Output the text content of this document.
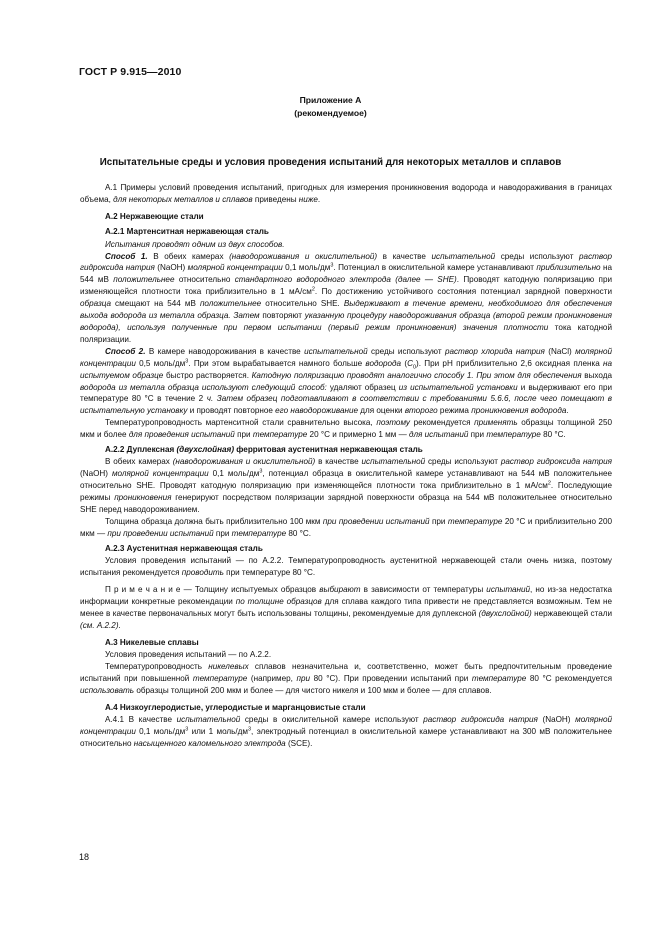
ГОСТ Р 9.915—2010
Приложение А
(рекомендуемое)
Испытательные среды и условия проведения испытаний для некоторых металлов и сплавов

А.1 Примеры условий проведения испытаний, пригодных для измерения проникновения водорода и наводораживания в границах объема, для некоторых металлов и сплавов приведены ниже.

А.2 Нержавеющие стали
А.2.1 Мартенситная нержавеющая сталь

Испытания проводят одним из двух способов.

Способ 1. В обеих камерах (наводороживания и окислительной) в качестве испытательной среды используют раствор гидроксида натрия (NaOH) молярной концентрации 0,1 моль/$дм^3$. Потенциал в окислительной камере устанавливают приблизительно на 544 мВ положительнее относительно стандартного водородного электрода (далее — SHE). Проводят катодную поляризацию при изменяющейся плотности тока приблизительно в 1 $мА/см^2$. По достижению устойчивого состояния потенциал зарядной поверхности образца смещают на 544 мВ положительнее относительно SHE. Выдерживают в течение времени, необходимого для обеспечения выхода водорода из металла образца. Затем повторяют указанную процедуру наводороживания образца (второй режим проникновения водорода), используя полученные при первом испытании (первый режим проникновения) значения плотности тока катодной поляризации.

Способ 2. В камере наводороживания в качестве испытательной среды используют раствор хлорида натрия (NaCl) молярной концентрации 0,5 моль/$дм^3$. При этом вырабатывается намного больше водорода $(C_0)$. При pH приблизительно 2,6 оксидная пленка на испытуемом образце быстро растворяется. Катодную поляризацию проводят аналогично способу 1. При этом для обеспечения выхода водорода из металла образца используют следующий способ: удаляют образец из испытательной установки и выдерживают его при температуре 80 °С в течение 2 ч. Затем образец подготавливают в соответствии с требованиями 5.6.6, после чего помещают в испытательную установку и проводят повторное его наводороживание для оценки второго режима проникновения водорода.

Температуропроводность мартенситной стали сравнительно высока, поэтому рекомендуется применять образцы толщиной 250 мкм и более для проведения испытаний при температуре 20 °С и примерно 1 мм — для испытаний при температуре 80 °С.

А.2.2 Дуплексная (двухслойная) ферритовая аустенитная нержавеющая сталь

В обеих камерах (наводороживания и окислительной) в качестве испытательной среды используют раствор гидроксида натрия (NaOH) молярной концентрации 0,1 моль/$дм^3$, потенциал образца в окислительной камере устанавливают на 544 мВ положительнее относительно SHE. Проводят катодную поляризацию при изменяющейся плотности тока приблизительно в 1 $мА/см^2$. Последующие режимы проникновения генерируют посредством поляризации зарядной поверхности образца на 544 мВ положительнее относительно SHE перед наводороживанием.

Толщина образца должна быть приблизительно 100 мкм при проведении испытаний при температуре 20 °С и приблизительно 200 мкм — при проведении испытаний при температуре 80 °С.

А.2.3 Аустенитная нержавеющая сталь

Условия проведения испытаний — по А.2.2. Температуропроводность аустенитной нержавеющей стали очень низка, поэтому испытания рекомендуется проводить при температуре 80 °С.

П р и м е ч а н и е — Толщину испытуемых образцов выбирают в зависимости от температуры испытаний, но из-за недостатка информации конкретные рекомендации по толщине образцов для сплава каждого типа привести не представляется возможным. Тем не менее в качестве первоначальных могут быть использованы толщины, рекомендуемые для дуплексной (двухслойной) нержавеющей стали (см. А.2.2).

А.3 Никелевые сплавы

Условия проведения испытаний — по А.2.2.

Температуропроводность никелевых сплавов незначительна и, соответственно, может быть предпочтительным проведение испытаний при повышенной температуре (например, при 80 °С). При проведении испытаний при температуре 80 °С рекомендуется использовать образцы толщиной 200 мкм и более — для чистого никеля и 100 мкм и более — для сплавов.

А.4 Низкоуглеродистые, углеродистые и марганцовистые стали

А.4.1 В качестве испытательной среды в окислительной камере используют раствор гидроксида натрия (NaOH) молярной концентрации 0,1 моль/$дм^3$ или 1 моль/$дм^3$, электродный потенциал в окислительной камере устанавливают на 300 мВ положительнее относительно насыщенного каломельного электрода (SCE).

18
